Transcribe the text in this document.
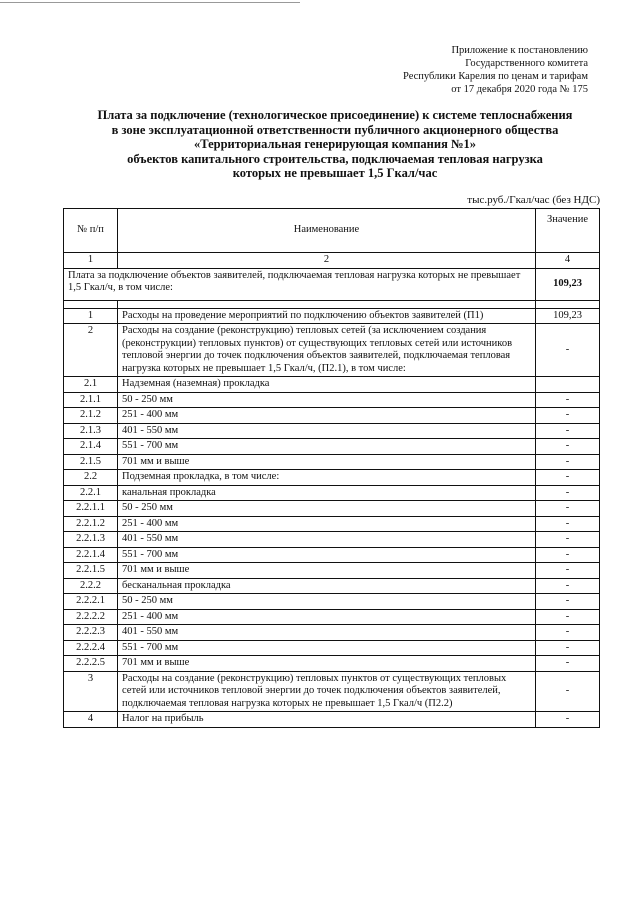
Приложение к постановлению
Государственного комитета
Республики Карелия по ценам и тарифам
от 17 декабря 2020 года № 175
Плата за подключение (технологическое присоединение) к системе теплоснабжения
в зоне эксплуатационной ответственности публичного акционерного общества
«Территориальная генерирующая компания №1»
объектов капитального строительства, подключаемая тепловая нагрузка
которых не превышает 1,5 Гкал/час
тыс.руб./Гкал/час (без НДС)
№ п/п	Наименование	Значение
1	2	4
Плата за подключение объектов заявителей, подключаемая тепловая нагрузка которых не превышает 1,5 Гкал/ч, в том числе:		109,23

1	Расходы на проведение мероприятий по подключению объектов заявителей (П1)	109,23
2	Расходы на создание (реконструкцию) тепловых сетей (за исключением создания (реконструкции) тепловых пунктов) от существующих тепловых сетей или источников тепловой энергии до точек подключения объектов заявителей, подключаемая тепловая нагрузка которых не превышает 1,5 Гкал/ч, (П2.1), в том числе:	-
2.1	Надземная (наземная) прокладка	
2.1.1	50 - 250 мм	-
2.1.2	251 - 400 мм	-
2.1.3	401 - 550 мм	-
2.1.4	551 - 700 мм	-
2.1.5	701 мм и выше	-
2.2	Подземная прокладка, в том числе:	-
2.2.1	канальная прокладка	-
2.2.1.1	50 - 250 мм	-
2.2.1.2	251 - 400 мм	-
2.2.1.3	401 - 550 мм	-
2.2.1.4	551 - 700 мм	-
2.2.1.5	701 мм и выше	-
2.2.2	бесканальная прокладка	-
2.2.2.1	50 - 250 мм	-
2.2.2.2	251 - 400 мм	-
2.2.2.3	401 - 550 мм	-
2.2.2.4	551 - 700 мм	-
2.2.2.5	701 мм и выше	-
3	Расходы на создание (реконструкцию) тепловых пунктов от существующих тепловых сетей или источников тепловой энергии до точек подключения объектов заявителей, подключаемая тепловая нагрузка которых не превышает 1,5 Гкал/ч (П2.2)	-
4	Налог на прибыль	-
